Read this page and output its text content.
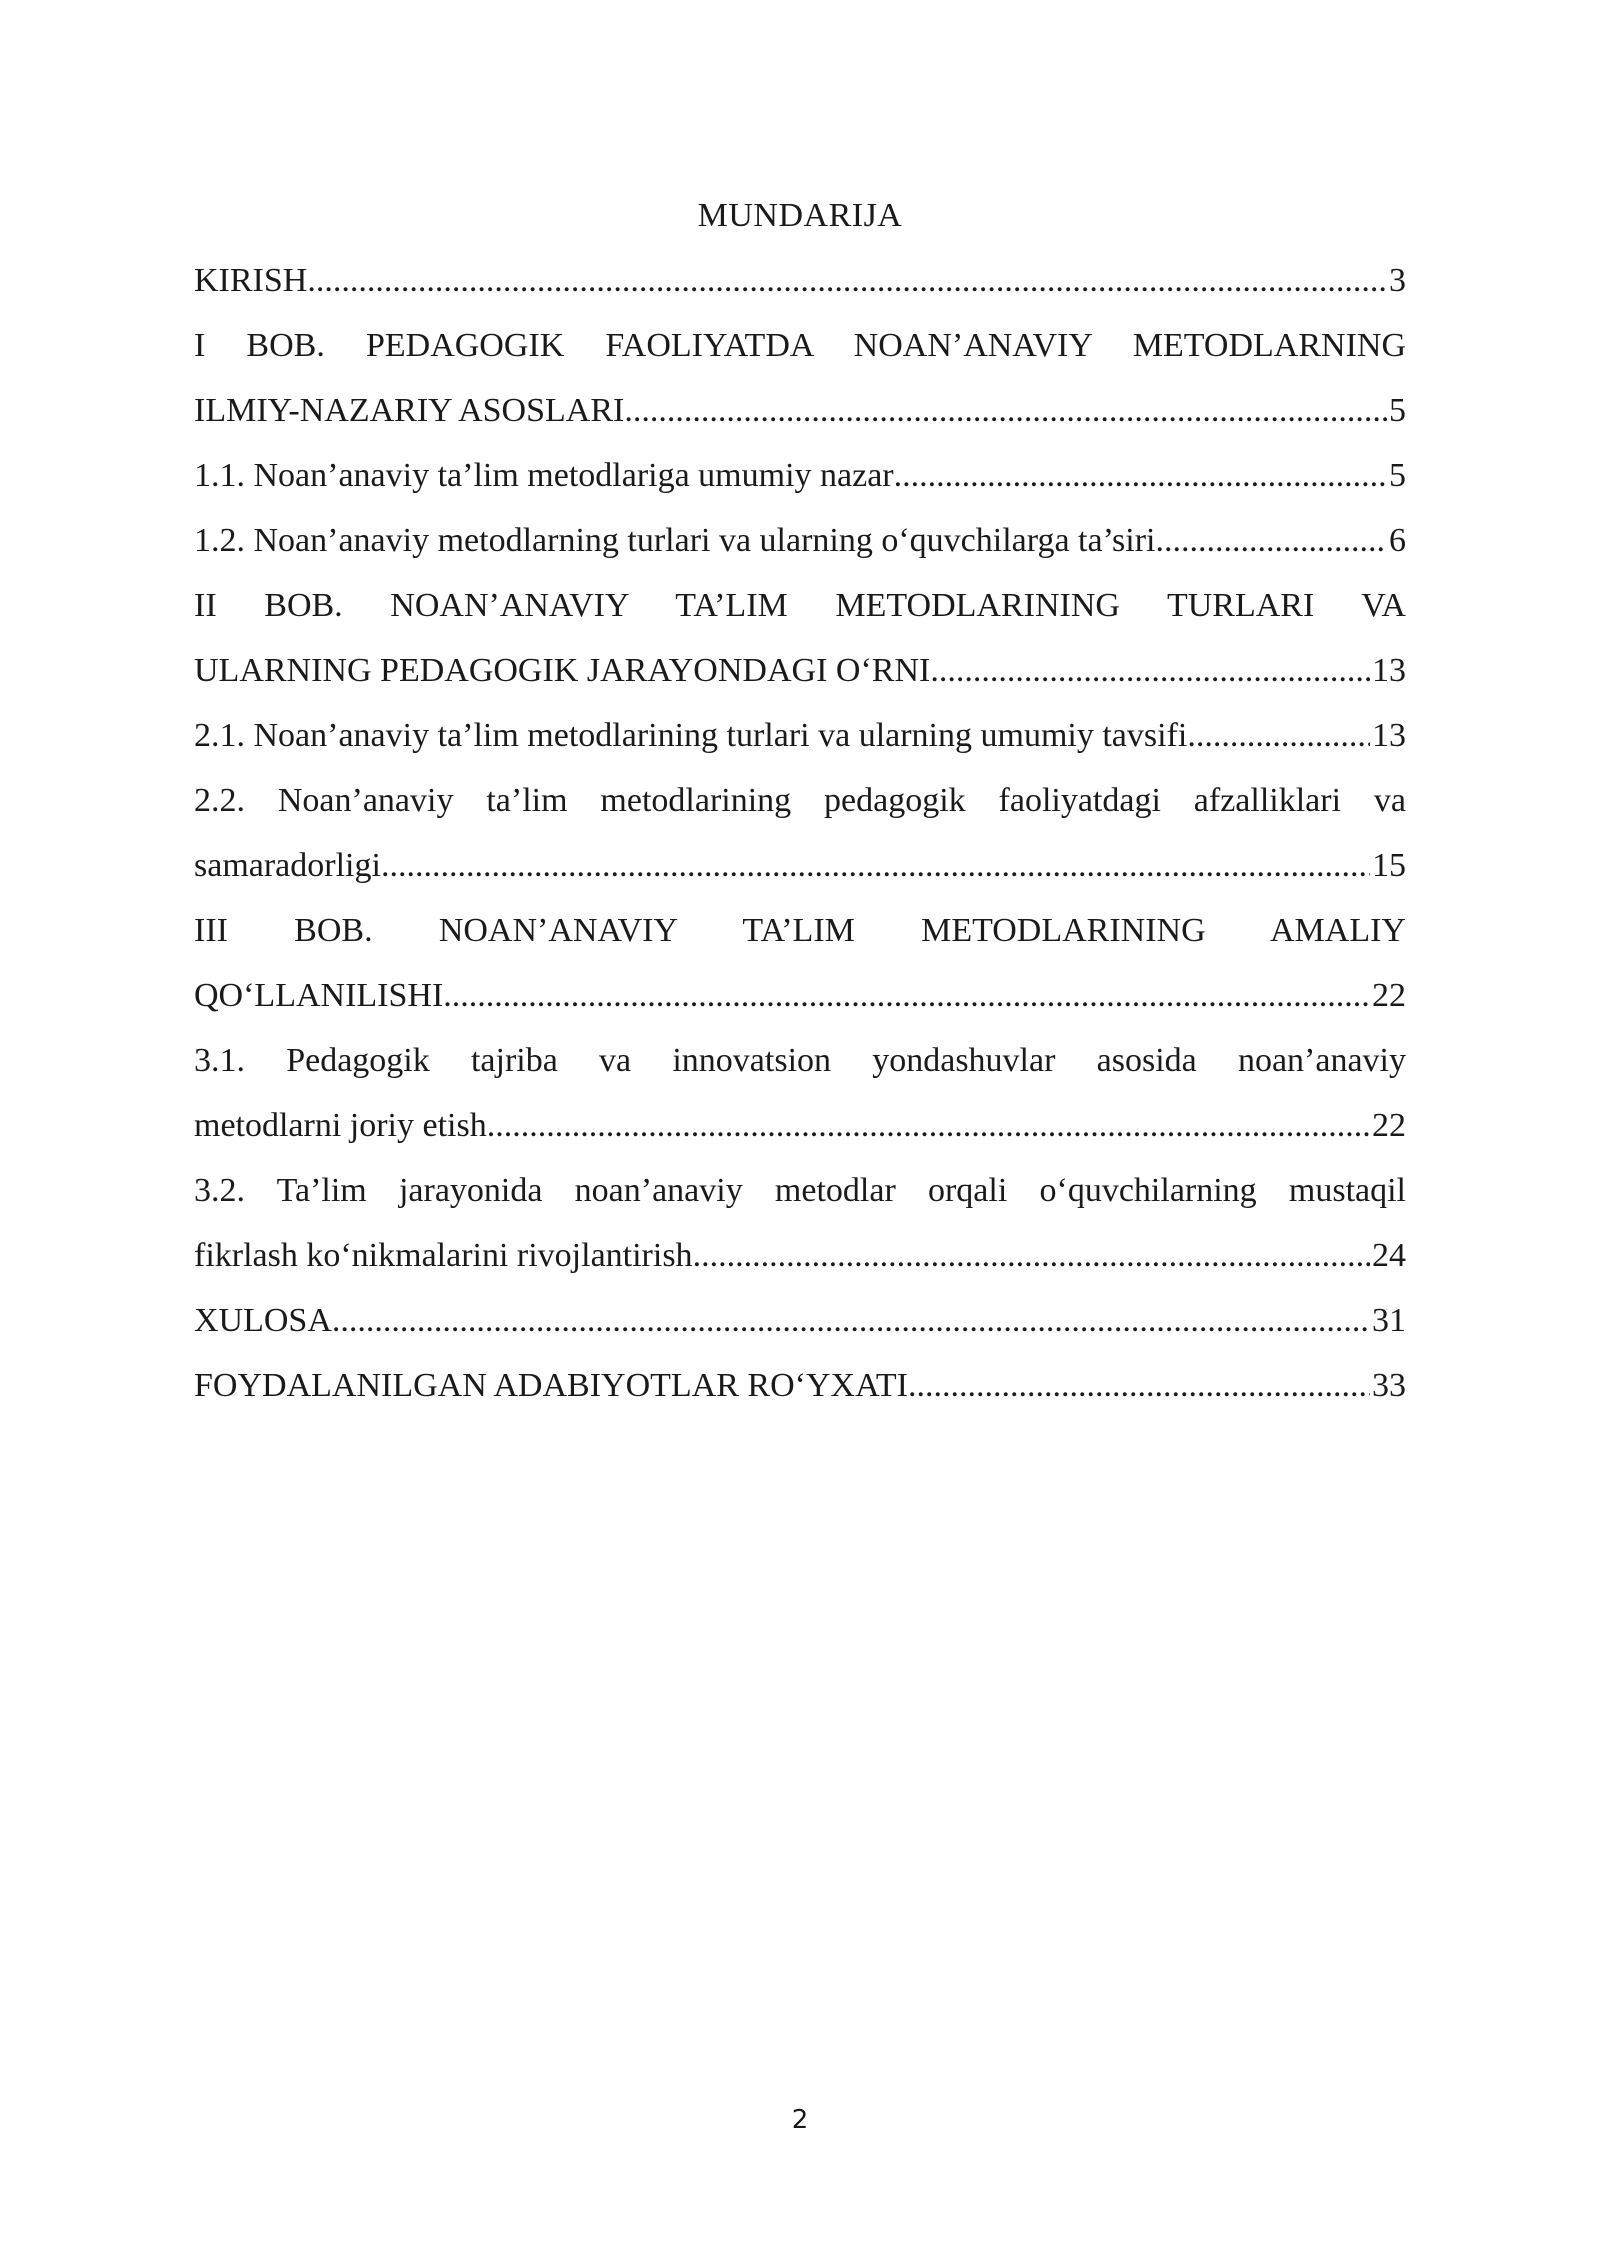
MUNDARIJA
KIRISH .....	3
I BOB. PEDAGOGIK FAOLIYATDA NOAN’ANAVIY METODLARNING
ILMIY-NAZARIY ASOSLARI .....	5
1.1. Noan’anaviy ta’lim metodlariga umumiy nazar .....	5
1.2. Noan’anaviy metodlarning turlari va ularning o‘quvchilarga ta’siri .....	6
II BOB. NOAN’ANAVIY TA’LIM METODLARINING TURLARI VA
ULARNING PEDAGOGIK JARAYONDAGI O‘RNI .....	13
2.1. Noan’anaviy ta’lim metodlarining turlari va ularning umumiy tavsifi .....	13
2.2. Noan’anaviy ta’lim metodlarining pedagogik faoliyatdagi afzalliklari va
samaradorligi .....	15
III BOB. NOAN’ANAVIY TA’LIM METODLARINING AMALIY
QO‘LLANILISHI .....	22
3.1. Pedagogik tajriba va innovatsion yondashuvlar asosida noan’anaviy
metodlarni joriy etish .....	22
3.2. Ta’lim jarayonida noan’anaviy metodlar orqali o‘quvchilarning mustaqil
fikrlash ko‘nikmalarini rivojlantirish .....	24
XULOSA .....	31
FOYDALANILGAN ADABIYOTLAR RO‘YXATI .....	33
2
